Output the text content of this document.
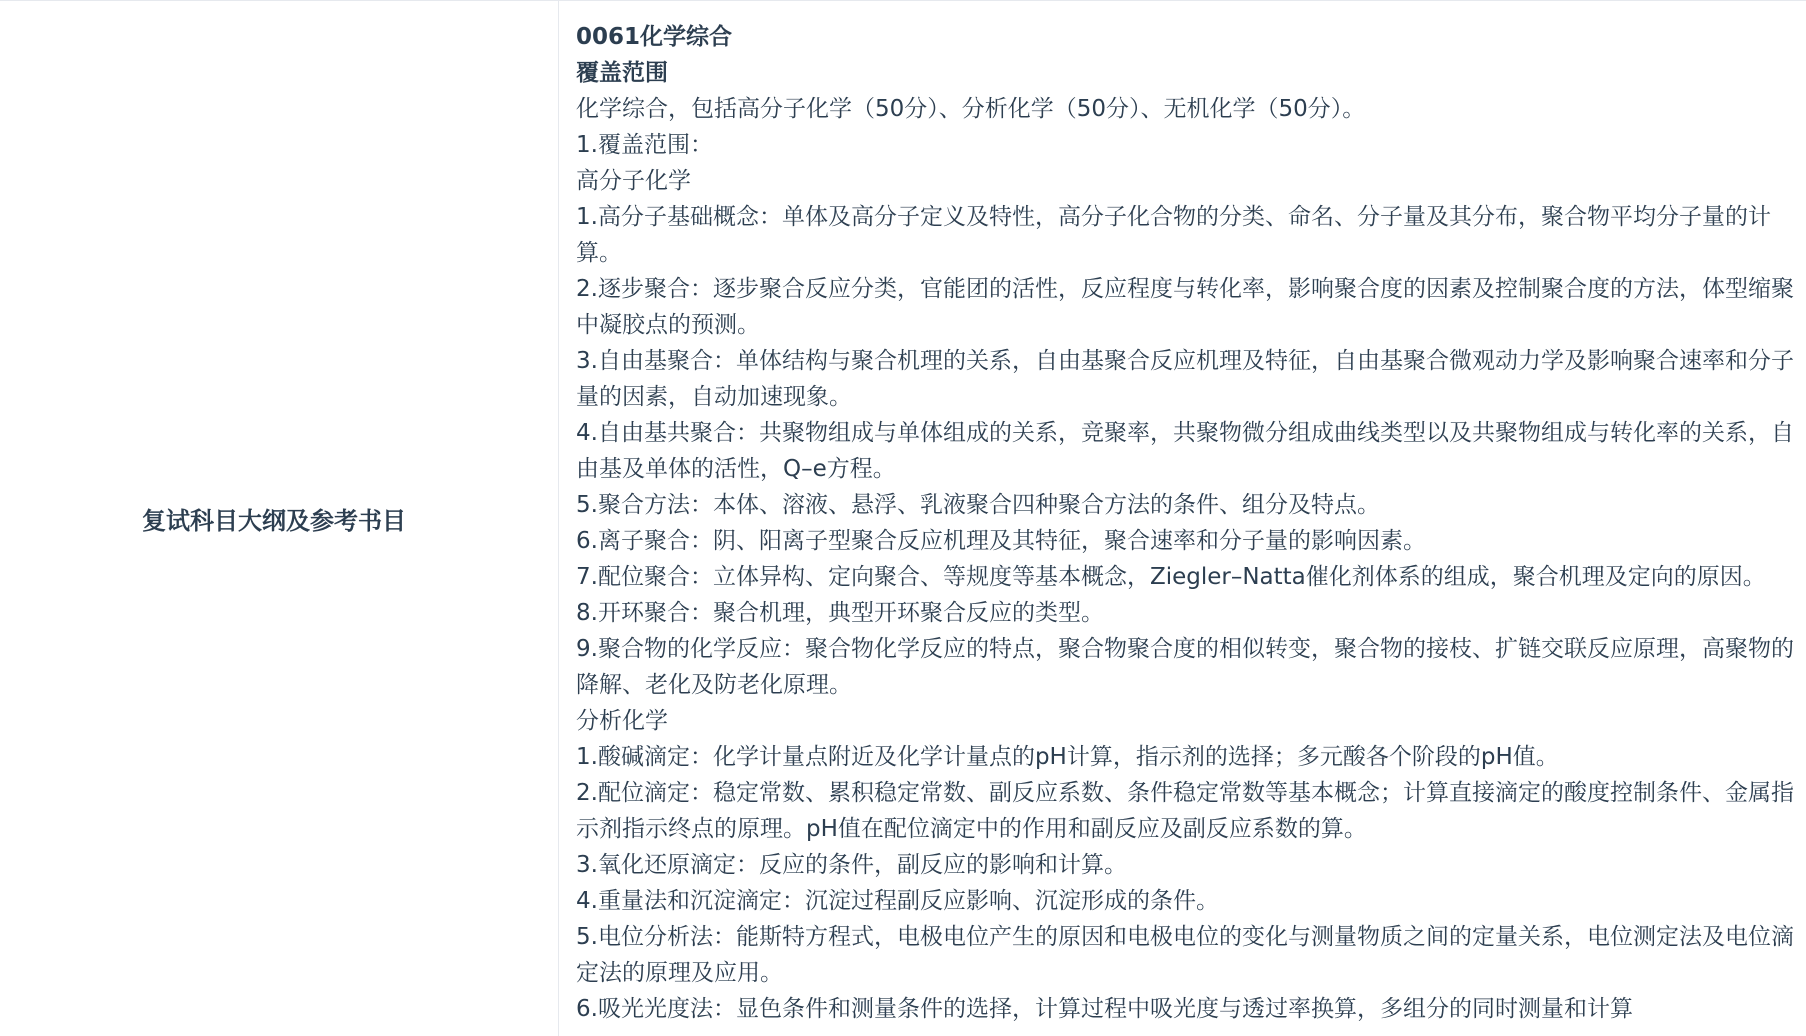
复试科目大纲及参考书目
0061化学综合
覆盖范围
化学综合，包括高分子化学（50分）、分析化学（50分）、无机化学（50分）。
1.覆盖范围：
高分子化学
1.高分子基础概念：单体及高分子定义及特性，高分子化合物的分类、命名、分子量及其分布，聚合物平均分子量的计算。
2.逐步聚合：逐步聚合反应分类，官能团的活性，反应程度与转化率，影响聚合度的因素及控制聚合度的方法，体型缩聚中凝胶点的预测。
3.自由基聚合：单体结构与聚合机理的关系，自由基聚合反应机理及特征，自由基聚合微观动力学及影响聚合速率和分子量的因素，自动加速现象。
4.自由基共聚合：共聚物组成与单体组成的关系，竞聚率，共聚物微分组成曲线类型以及共聚物组成与转化率的关系，自由基及单体的活性，Q–e方程。
5.聚合方法：本体、溶液、悬浮、乳液聚合四种聚合方法的条件、组分及特点。
6.离子聚合：阴、阳离子型聚合反应机理及其特征，聚合速率和分子量的影响因素。
7.配位聚合：立体异构、定向聚合、等规度等基本概念，Ziegler–Natta催化剂体系的组成，聚合机理及定向的原因。
8.开环聚合：聚合机理，典型开环聚合反应的类型。
9.聚合物的化学反应：聚合物化学反应的特点，聚合物聚合度的相似转变，聚合物的接枝、扩链交联反应原理，高聚物的降解、老化及防老化原理。
分析化学
1.酸碱滴定：化学计量点附近及化学计量点的pH计算，指示剂的选择；多元酸各个阶段的pH值。
2.配位滴定：稳定常数、累积稳定常数、副反应系数、条件稳定常数等基本概念；计算直接滴定的酸度控制条件、金属指示剂指示终点的原理。pH值在配位滴定中的作用和副反应及副反应系数的算。
3.氧化还原滴定：反应的条件，副反应的影响和计算。
4.重量法和沉淀滴定：沉淀过程副反应影响、沉淀形成的条件。
5.电位分析法：能斯特方程式，电极电位产生的原因和电极电位的变化与测量物质之间的定量关系，电位测定法及电位滴定法的原理及应用。
6.吸光光度法：显色条件和测量条件的选择，计算过程中吸光度与透过率换算，多组分的同时测量和计算
